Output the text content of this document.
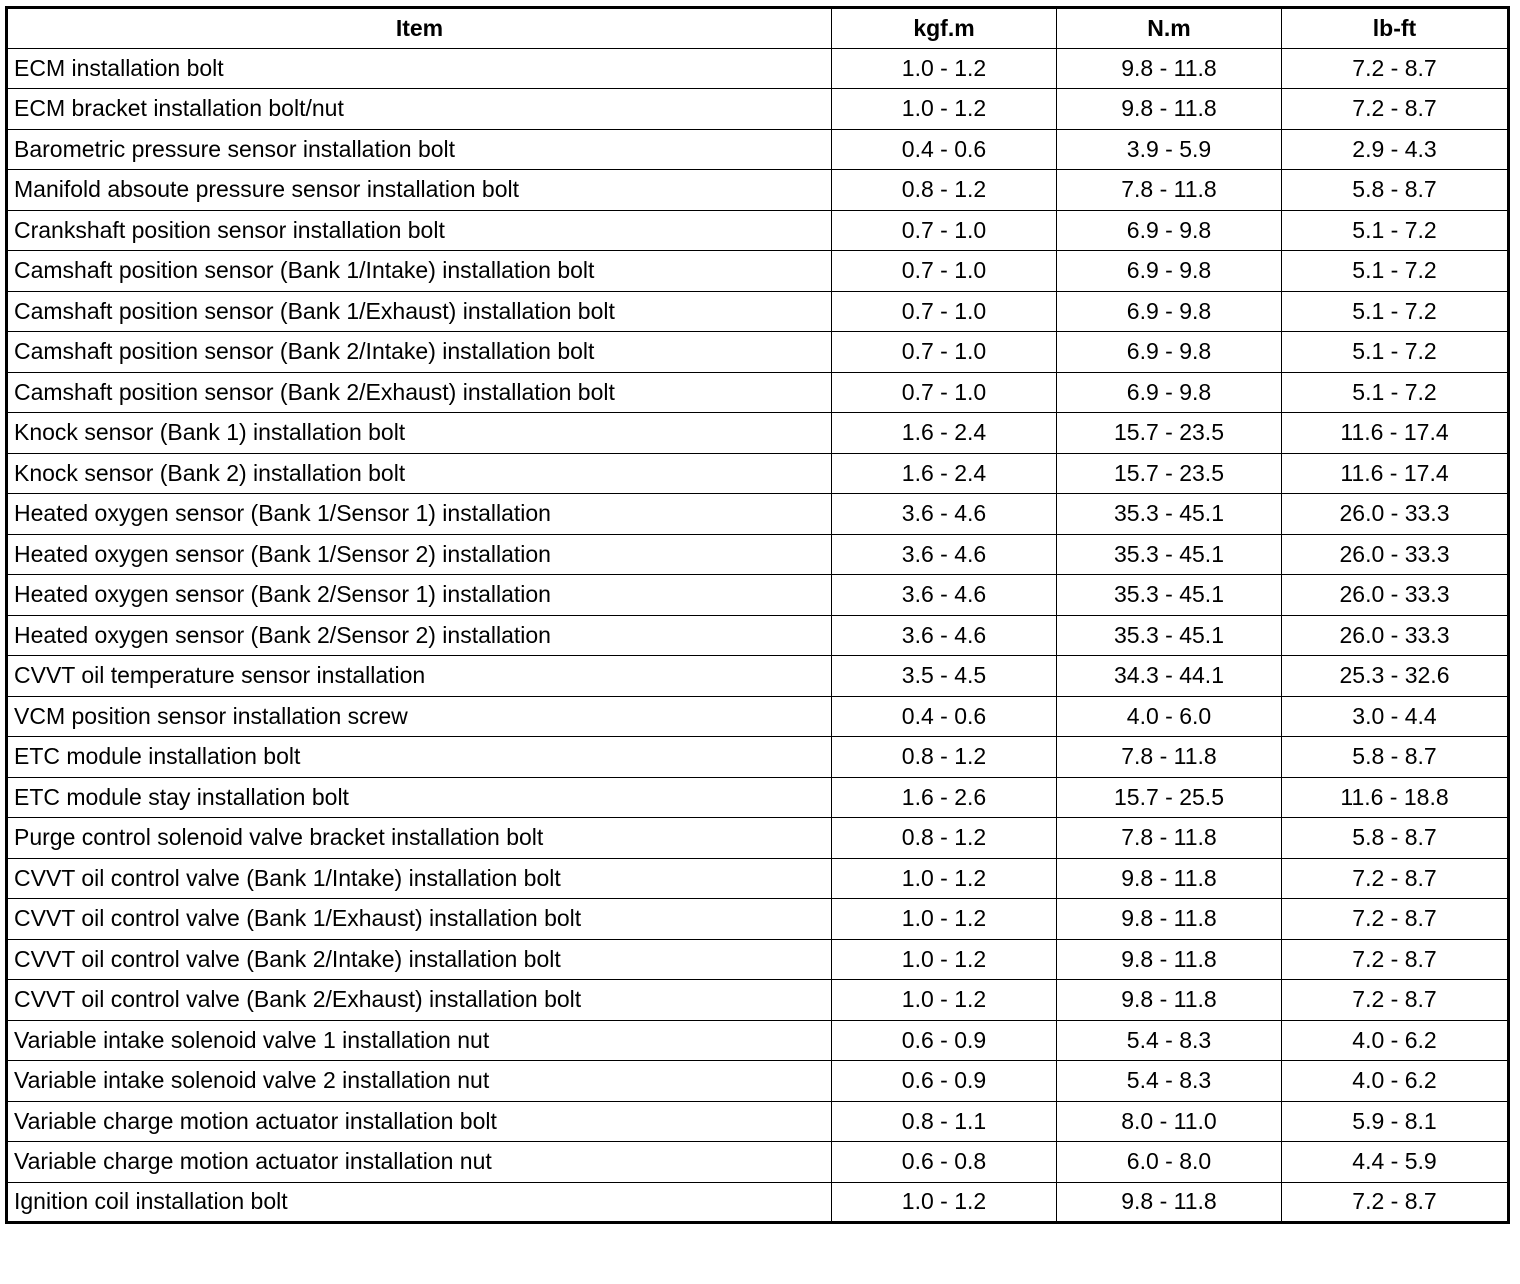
Item	kgf.m	N.m	lb-ft
ECM installation bolt	1.0 - 1.2	9.8 - 11.8	7.2 - 8.7
ECM bracket installation bolt/nut	1.0 - 1.2	9.8 - 11.8	7.2 - 8.7
Barometric pressure sensor installation bolt	0.4 - 0.6	3.9 - 5.9	2.9 - 4.3
Manifold absoute pressure sensor installation bolt	0.8 - 1.2	7.8 - 11.8	5.8 - 8.7
Crankshaft position sensor installation bolt	0.7 - 1.0	6.9 - 9.8	5.1 - 7.2
Camshaft position sensor (Bank 1/Intake) installation bolt	0.7 - 1.0	6.9 - 9.8	5.1 - 7.2
Camshaft position sensor (Bank 1/Exhaust) installation bolt	0.7 - 1.0	6.9 - 9.8	5.1 - 7.2
Camshaft position sensor (Bank 2/Intake) installation bolt	0.7 - 1.0	6.9 - 9.8	5.1 - 7.2
Camshaft position sensor (Bank 2/Exhaust) installation bolt	0.7 - 1.0	6.9 - 9.8	5.1 - 7.2
Knock sensor (Bank 1) installation bolt	1.6 - 2.4	15.7 - 23.5	11.6 - 17.4
Knock sensor (Bank 2) installation bolt	1.6 - 2.4	15.7 - 23.5	11.6 - 17.4
Heated oxygen sensor (Bank 1/Sensor 1) installation	3.6 - 4.6	35.3 - 45.1	26.0 - 33.3
Heated oxygen sensor (Bank 1/Sensor 2) installation	3.6 - 4.6	35.3 - 45.1	26.0 - 33.3
Heated oxygen sensor (Bank 2/Sensor 1) installation	3.6 - 4.6	35.3 - 45.1	26.0 - 33.3
Heated oxygen sensor (Bank 2/Sensor 2) installation	3.6 - 4.6	35.3 - 45.1	26.0 - 33.3
CVVT oil temperature sensor installation	3.5 - 4.5	34.3 - 44.1	25.3 - 32.6
VCM position sensor installation screw	0.4 - 0.6	4.0 - 6.0	3.0 - 4.4
ETC module installation bolt	0.8 - 1.2	7.8 - 11.8	5.8 - 8.7
ETC module stay installation bolt	1.6 - 2.6	15.7 - 25.5	11.6 - 18.8
Purge control solenoid valve bracket installation bolt	0.8 - 1.2	7.8 - 11.8	5.8 - 8.7
CVVT oil control valve (Bank 1/Intake) installation bolt	1.0 - 1.2	9.8 - 11.8	7.2 - 8.7
CVVT oil control valve (Bank 1/Exhaust) installation bolt	1.0 - 1.2	9.8 - 11.8	7.2 - 8.7
CVVT oil control valve (Bank 2/Intake) installation bolt	1.0 - 1.2	9.8 - 11.8	7.2 - 8.7
CVVT oil control valve (Bank 2/Exhaust) installation bolt	1.0 - 1.2	9.8 - 11.8	7.2 - 8.7
Variable intake solenoid valve 1 installation nut	0.6 - 0.9	5.4 - 8.3	4.0 - 6.2
Variable intake solenoid valve 2 installation nut	0.6 - 0.9	5.4 - 8.3	4.0 - 6.2
Variable charge motion actuator installation bolt	0.8 - 1.1	8.0 - 11.0	5.9 - 8.1
Variable charge motion actuator installation nut	0.6 - 0.8	6.0 - 8.0	4.4 - 5.9
Ignition coil installation bolt	1.0 - 1.2	9.8 - 11.8	7.2 - 8.7
